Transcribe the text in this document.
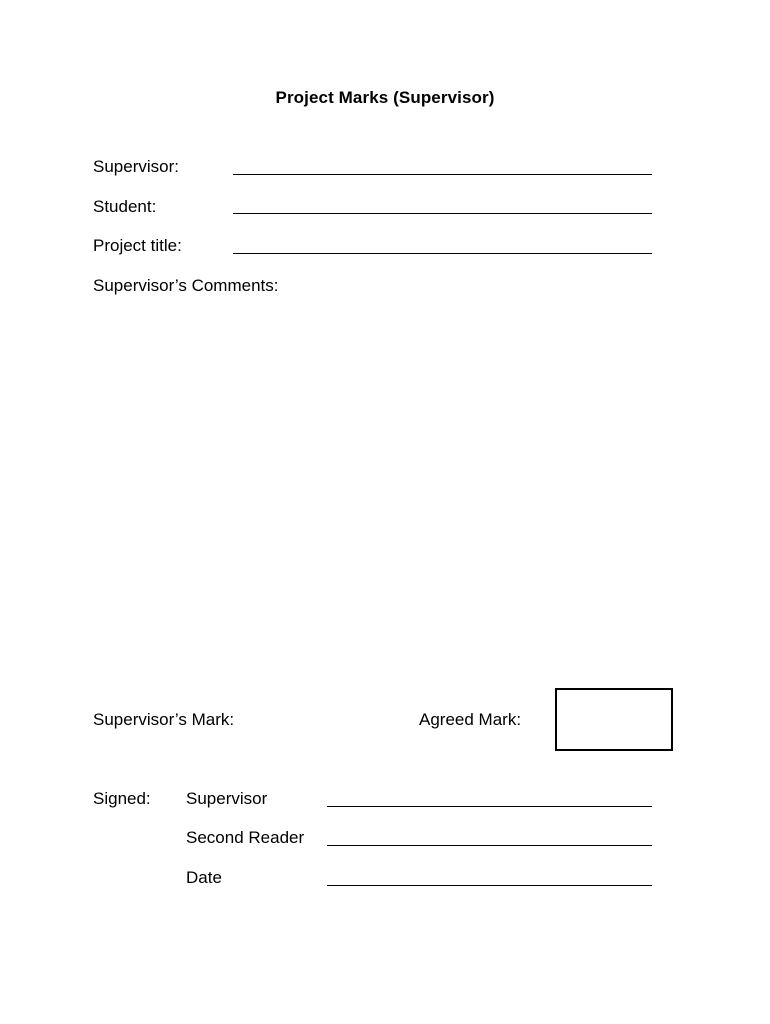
Project Marks (Supervisor)
Supervisor:
Student:
Project title:
Supervisor’s Comments:
Supervisor’s Mark:	Agreed Mark:
Signed: Supervisor
Second Reader
Date
